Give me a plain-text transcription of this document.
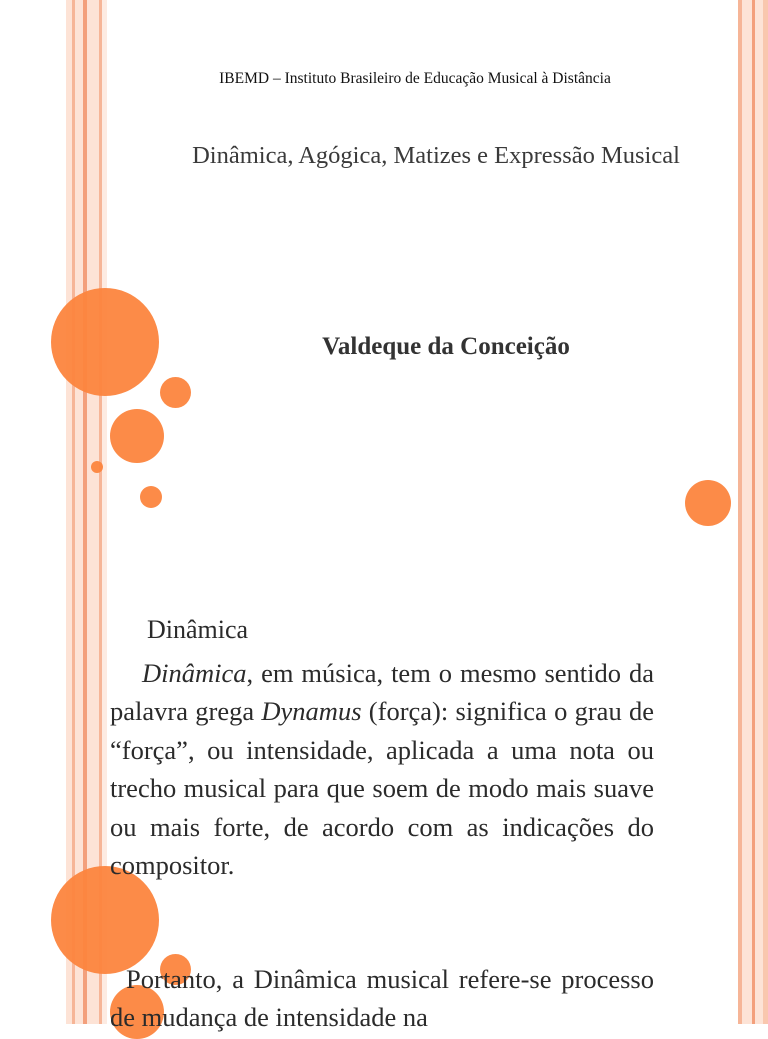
IBEMD – Instituto Brasileiro de Educação Musical à Distância
Dinâmica, Agógica, Matizes e Expressão Musical
Valdeque da Conceição
Dinâmica
Dinâmica, em música, tem o mesmo sentido da palavra grega Dynamus (força): significa o grau de “força”, ou intensidade, aplicada a uma nota ou trecho musical para que soem de modo mais suave ou mais forte, de acordo com as indicações do compositor.
Portanto, a Dinâmica musical refere-se processo de mudança de intensidade na
